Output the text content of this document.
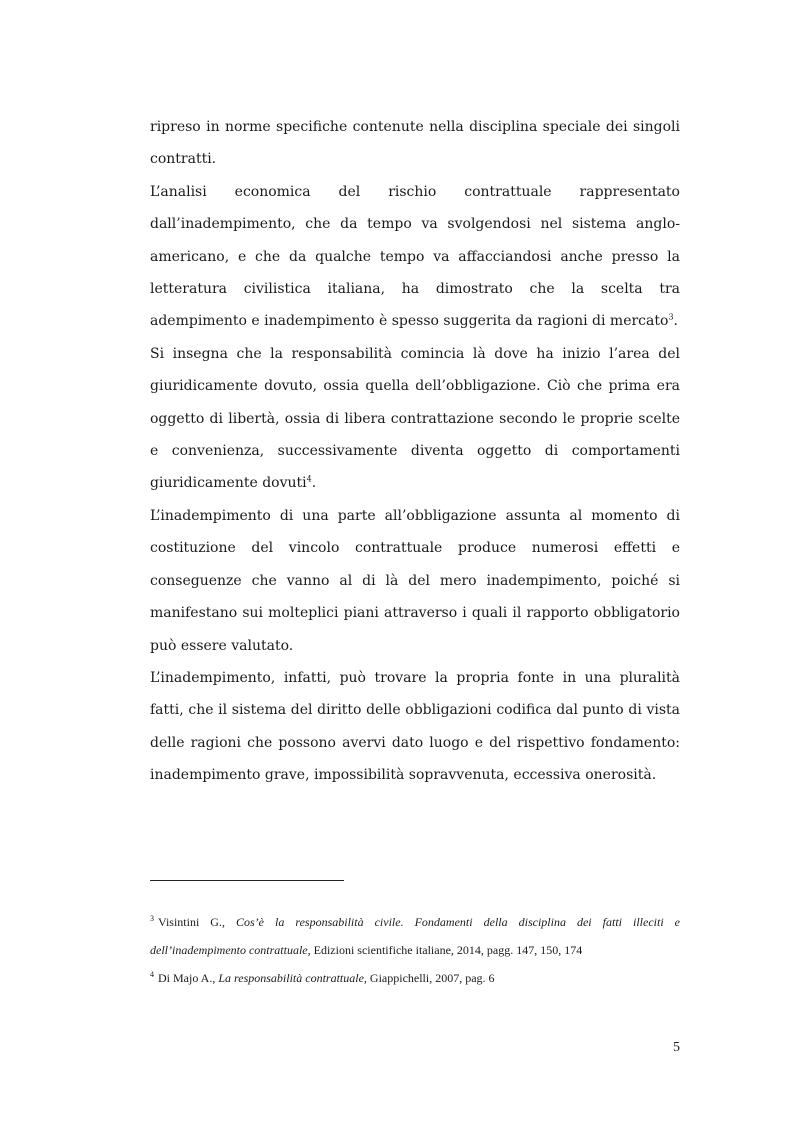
ripreso in norme specifiche contenute nella disciplina speciale dei singoli contratti.

L’analisi economica del rischio contrattuale rappresentato dall’inadempimento, che da tempo va svolgendosi nel sistema anglo-americano, e che da qualche tempo va affacciandosi anche presso la letteratura civilistica italiana, ha dimostrato che la scelta tra adempimento e inadempimento è spesso suggerita da ragioni di mercato$^3$.

Si insegna che la responsabilità comincia là dove ha inizio l’area del giuridicamente dovuto, ossia quella dell’obbligazione. Ciò che prima era oggetto di libertà, ossia di libera contrattazione secondo le proprie scelte e convenienza, successivamente diventa oggetto di comportamenti giuridicamente dovuti$^4$.

L’inadempimento di una parte all’obbligazione assunta al momento di costituzione del vincolo contrattuale produce numerosi effetti e conseguenze che vanno al di là del mero inadempimento, poiché si manifestano sui molteplici piani attraverso i quali il rapporto obbligatorio può essere valutato.

L’inadempimento, infatti, può trovare la propria fonte in una pluralità fatti, che il sistema del diritto delle obbligazioni codifica dal punto di vista delle ragioni che possono avervi dato luogo e del rispettivo fondamento: inadempimento grave, impossibilità sopravvenuta, eccessiva onerosità.

$^3$ Visintini G., Cos’è la responsabilità civile. Fondamenti della disciplina dei fatti illeciti e dell’inadempimento contrattuale, Edizioni scientifiche italiane, 2014, pagg. 147, 150, 174

$^4$ Di Majo A., La responsabilità contrattuale, Giappichelli, 2007, pag. 6

5
